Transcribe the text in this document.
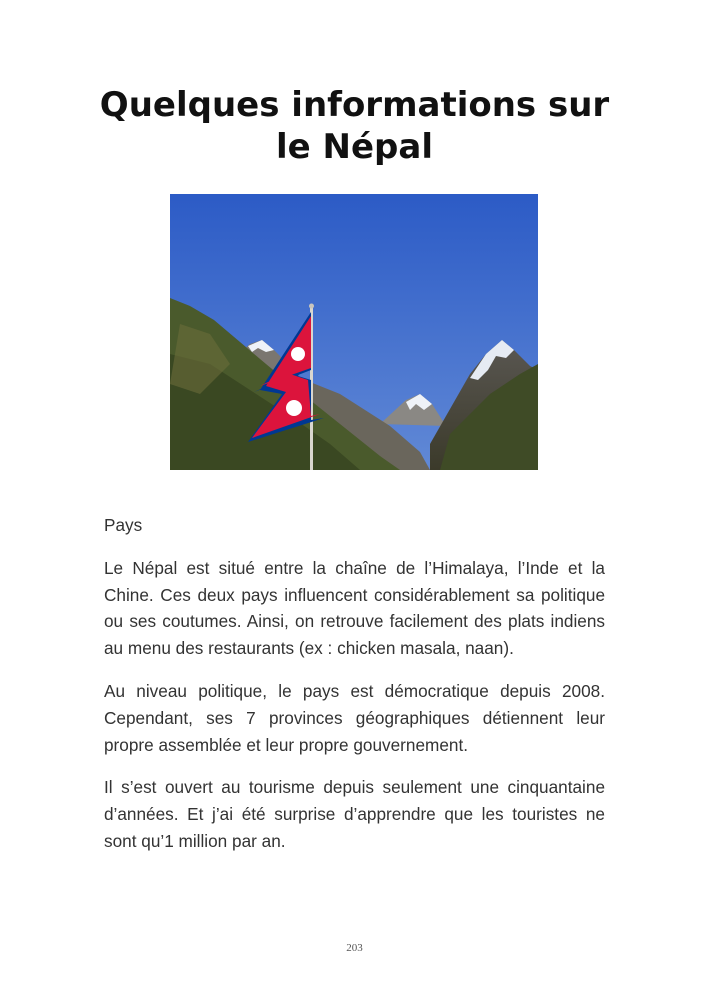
Quelques informations sur
le Népal

Pays

Le Népal est situé entre la chaîne de l’Himalaya, l’Inde et la Chine. Ces deux pays influencent considérablement sa politique ou ses coutumes. Ainsi, on retrouve facilement des plats indiens au menu des restaurants (ex : chicken masala, naan).

Au niveau politique, le pays est démocratique depuis 2008. Cependant, ses 7 provinces géographiques détiennent leur propre assemblée et leur propre gouvernement.

Il s’est ouvert au tourisme depuis seulement une cinquantaine d’années. Et j’ai été surprise d’apprendre que les touristes ne sont qu’1 million par an.

203
